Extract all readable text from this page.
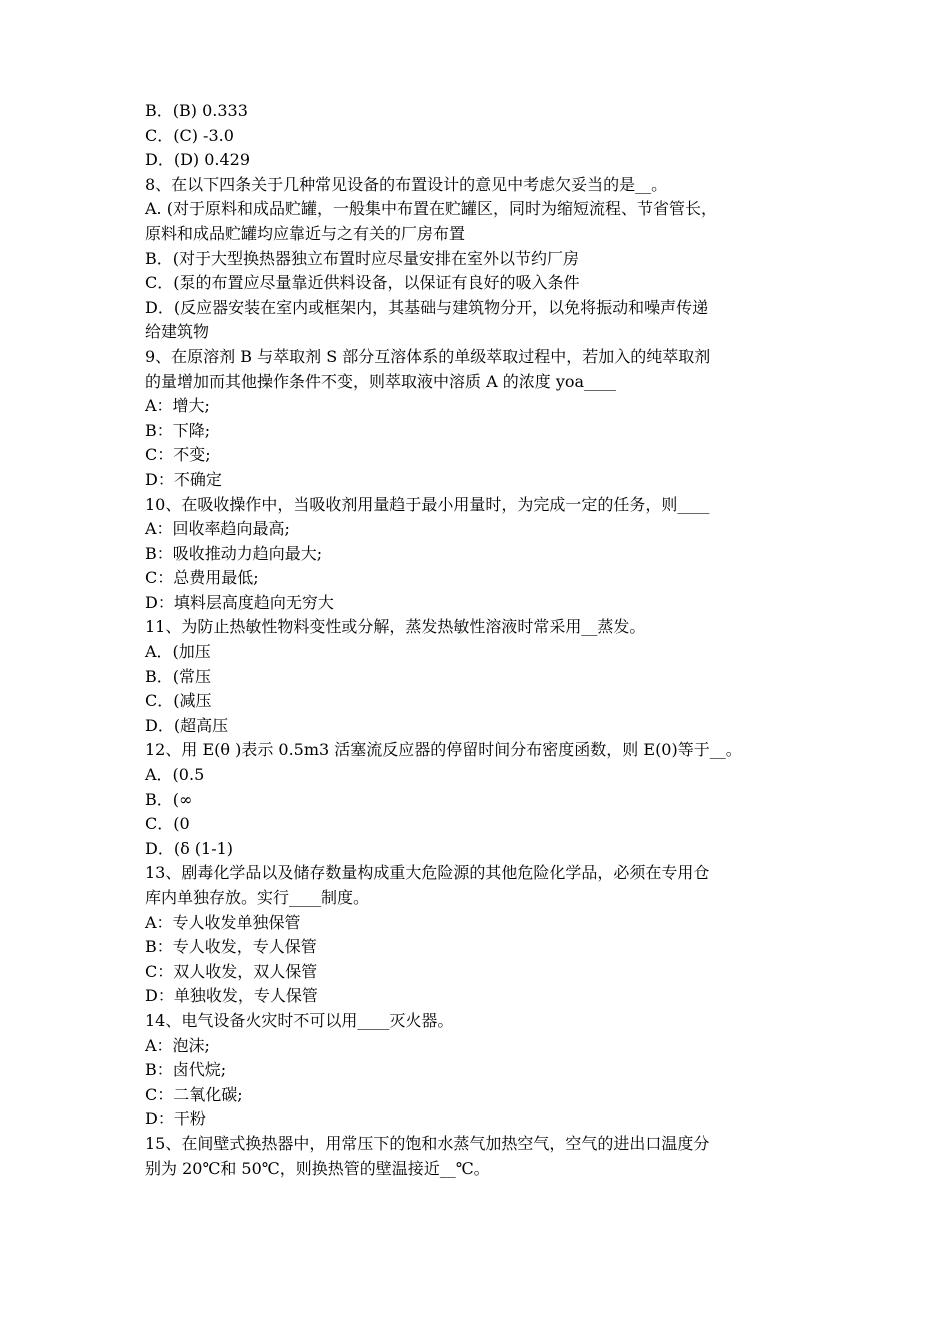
B．(B) 0.333
C．(C) -3.0
D．(D) 0.429
8、在以下四条关于几种常见设备的布置设计的意见中考虑欠妥当的是__。
A. (对于原料和成品贮罐，一般集中布置在贮罐区，同时为缩短流程、节省管长，
原料和成品贮罐均应靠近与之有关的厂房布置
B．(对于大型换热器独立布置时应尽量安排在室外以节约厂房
C．(泵的布置应尽量靠近供料设备，以保证有良好的吸入条件
D．(反应器安装在室内或框架内，其基础与建筑物分开，以免将振动和噪声传递
给建筑物
9、在原溶剂 B 与萃取剂 S 部分互溶体系的单级萃取过程中，若加入的纯萃取剂
的量增加而其他操作条件不变，则萃取液中溶质 A 的浓度 yoa____
A：增大;
B：下降;
C：不变;
D：不确定
10、在吸收操作中，当吸收剂用量趋于最小用量时，为完成一定的任务，则____
A：回收率趋向最高;
B：吸收推动力趋向最大;
C：总费用最低;
D：填料层高度趋向无穷大
11、为防止热敏性物料变性或分解，蒸发热敏性溶液时常采用__蒸发。
A．(加压
B．(常压
C．(减压
D．(超高压
12、用 E(θ )表示 0.5m3 活塞流反应器的停留时间分布密度函数，则 E(0)等于__。
A．(0.5
B．(∞
C．(0
D．(δ (1-1)
13、剧毒化学品以及储存数量构成重大危险源的其他危险化学品，必须在专用仓
库内单独存放。实行____制度。
A：专人收发单独保管
B：专人收发，专人保管
C：双人收发，双人保管
D：单独收发，专人保管
14、电气设备火灾时不可以用____灭火器。
A：泡沫;
B：卤代烷;
C：二氧化碳;
D：干粉
15、在间壁式换热器中，用常压下的饱和水蒸气加热空气，空气的进出口温度分
别为 20℃和 50℃，则换热管的壁温接近__℃。
